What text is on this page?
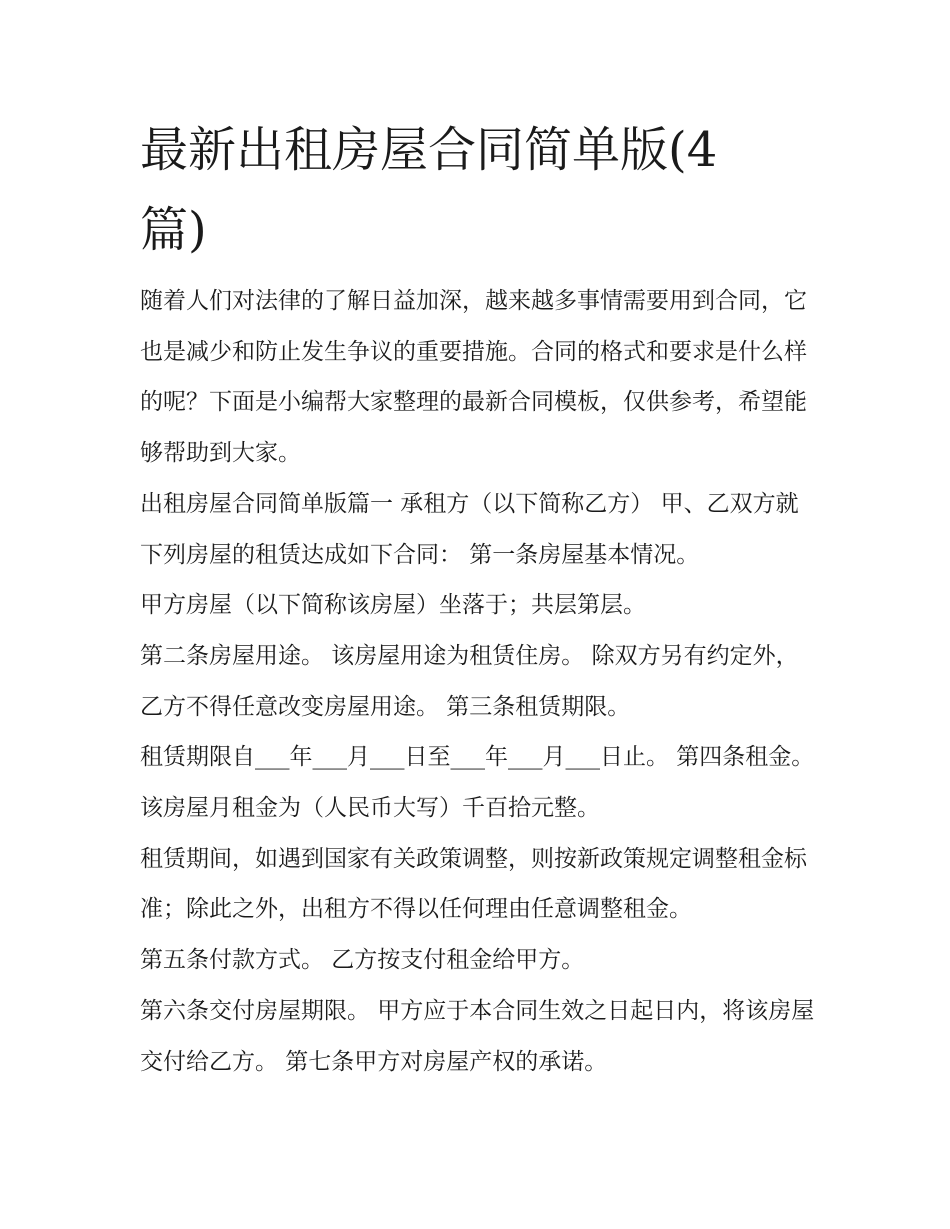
最新出租房屋合同简单版(4篇)

随着人们对法律的了解日益加深，越来越多事情需要用到合同，它也是减少和防止发生争议的重要措施。合同的格式和要求是什么样的呢？下面是小编帮大家整理的最新合同模板，仅供参考，希望能够帮助到大家。

出租房屋合同简单版篇一 承租方（以下简称乙方） 甲、乙双方就下列房屋的租赁达成如下合同： 第一条房屋基本情况。

甲方房屋（以下简称该房屋）坐落于；共层第层。

第二条房屋用途。 该房屋用途为租赁住房。 除双方另有约定外，乙方不得任意改变房屋用途。 第三条租赁期限。

租赁期限自___年___月___日至___年___月___日止。 第四条租金。

该房屋月租金为（人民币大写）千百拾元整。

租赁期间，如遇到国家有关政策调整，则按新政策规定调整租金标准；除此之外，出租方不得以任何理由任意调整租金。

第五条付款方式。 乙方按支付租金给甲方。

第六条交付房屋期限。 甲方应于本合同生效之日起日内，将该房屋交付给乙方。 第七条甲方对房屋产权的承诺。
